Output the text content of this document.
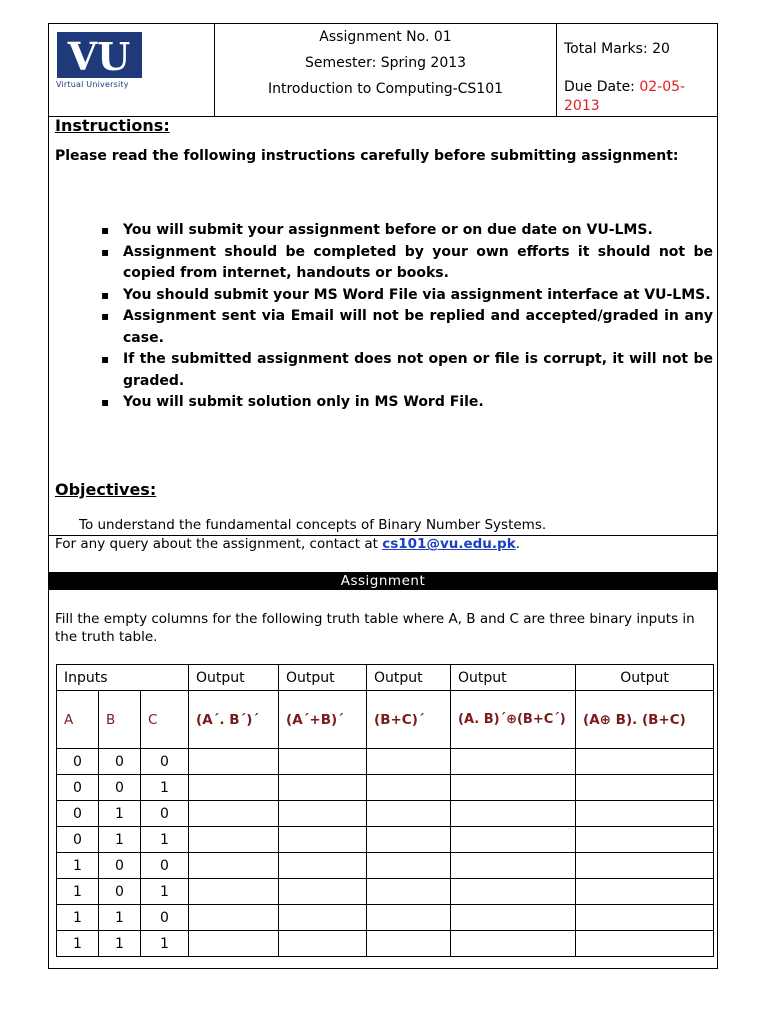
VU
Virtual University
Assignment No. 01
Semester: Spring 2013
Introduction to Computing-CS101
Total Marks: 20
Due Date: 02-05-2013
Instructions:
Please read the following instructions carefully before submitting assignment:
▪ You will submit your assignment before or on due date on VU-LMS.
▪ Assignment should be completed by your own efforts it should not be copied from internet, handouts or books.
▪ You should submit your MS Word File via assignment interface at VU-LMS.
▪ Assignment sent via Email will not be replied and accepted/graded in any case.
▪ If the submitted assignment does not open or file is corrupt, it will not be graded.
▪ You will submit solution only in MS Word File.
Objectives:
To understand the fundamental concepts of Binary Number Systems.
For any query about the assignment, contact at cs101@vu.edu.pk.
Assignment
Fill the empty columns for the following truth table where A, B and C are three binary inputs in the truth table.
Inputs			Output	Output	Output	Output	Output
A	B	C	(A´. B´)´	(A´+B)´	(B+C)´	(A. B)´⊕(B+C´)	(A⊕ B). (B+C)
0	0	0					
0	0	1					
0	1	0					
0	1	1					
1	0	0					
1	0	1					
1	1	0					
1	1	1					
